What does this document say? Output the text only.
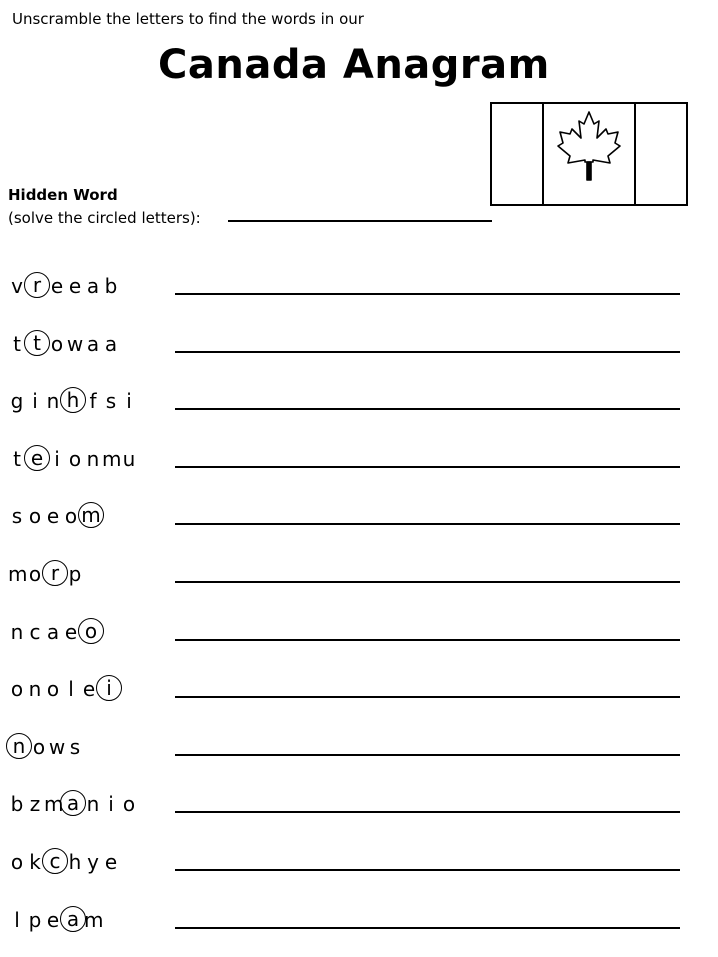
Unscramble the letters to find the words in our
Canada Anagram
Hidden Word
(solve the circled letters):
v r e e a b
t t o w a a
g i n h f s i
t e i o n mu
s o e o m
mo r p
n c a e o
o n o l e i
n o w s
b z m a n i o
o k c h y e
l p e a m
